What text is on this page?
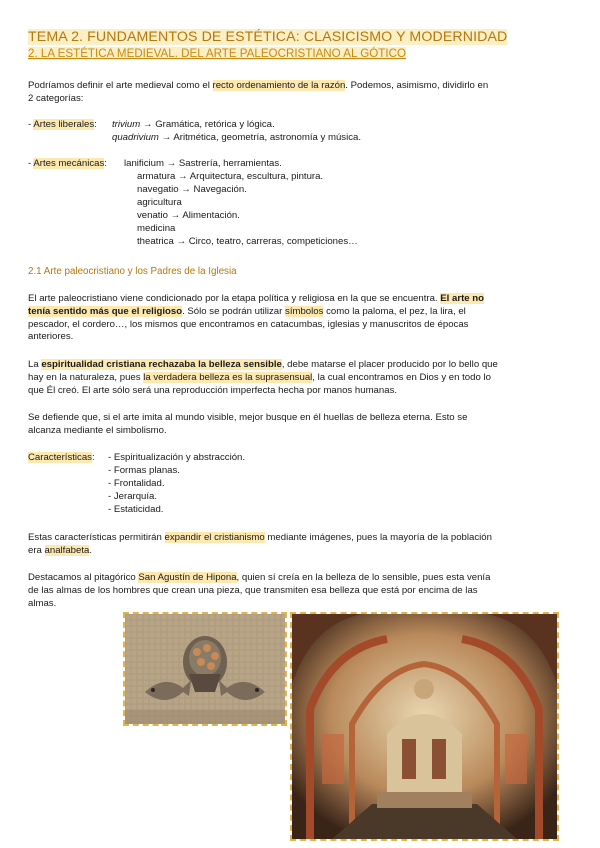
TEMA 2. FUNDAMENTOS DE ESTÉTICA: CLASICISMO Y MODERNIDAD
2. LA ESTÉTICA MEDIEVAL. DEL ARTE PALEOCRISTIANO AL GÓTICO
Podríamos definir el arte medieval como el recto ordenamiento de la razón. Podemos, asimismo, dividirlo en
2 categorías:
- Artes liberales: trivium → Gramática, retórica y lógica.
quadrivium → Aritmética, geometría, astronomía y música.
- Artes mecánicas: lanificium → Sastrería, herramientas.
armatura → Arquitectura, escultura, pintura.
navegatio → Navegación.
agricultura
venatio → Alimentación.
medicina
theatrica → Circo, teatro, carreras, competiciones…
2.1 Arte paleocristiano y los Padres de la Iglesia
El arte paleocristiano viene condicionado por la etapa política y religiosa en la que se encuentra. El arte no
tenía sentido más que el religioso. Sólo se podrán utilizar símbolos como la paloma, el pez, la lira, el
pescador, el cordero…, los mismos que encontramos en catacumbas, iglesias y manuscritos de épocas
anteriores.
La espiritualidad cristiana rechazaba la belleza sensible, debe matarse el placer producido por lo bello que
hay en la naturaleza, pues la verdadera belleza es la suprasensual, la cual encontramos en Dios y en todo lo
que Él creó. El arte sólo será una reproducción imperfecta hecha por manos humanas.
Se defiende que, si el arte imita al mundo visible, mejor busque en él huellas de belleza eterna. Esto se
alcanza mediante el simbolismo.
Características: - Espiritualización y abstracción.
- Formas planas.
- Frontalidad.
- Jerarquía.
- Estaticidad.
Estas características permitirán expandir el cristianismo mediante imágenes, pues la mayoría de la población
era analfabeta.
Destacamos al pitagórico San Agustín de Hipona, quien sí creía en la belleza de lo sensible, pues esta venía
de las almas de los hombres que crean una pieza, que transmiten esa belleza que está por encima de las
almas.
